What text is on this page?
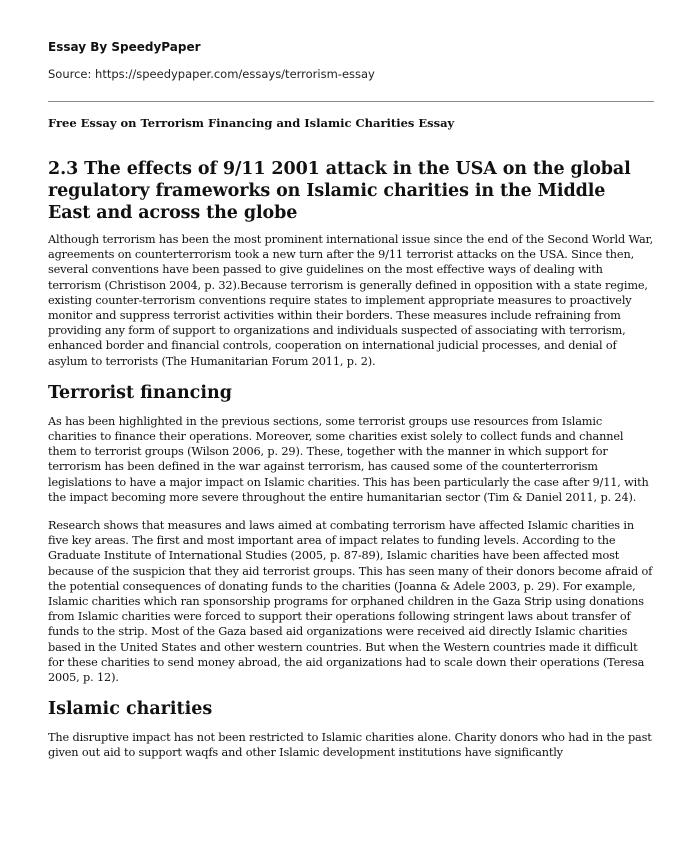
Essay By SpeedyPaper
Source: https://speedypaper.com/essays/terrorism-essay
Free Essay on Terrorism Financing and Islamic Charities Essay
2.3 The effects of 9/11 2001 attack in the USA on the global regulatory frameworks on Islamic charities in the Middle East and across the globe

Although terrorism has been the most prominent international issue since the end of the Second World War, agreements on counterterrorism took a new turn after the 9/11 terrorist attacks on the USA. Since then, several conventions have been passed to give guidelines on the most effective ways of dealing with terrorism (Christison 2004, p. 32).Because terrorism is generally defined in opposition with a state regime, existing counter-terrorism conventions require states to implement appropriate measures to proactively monitor and suppress terrorist activities within their borders. These measures include refraining from providing any form of support to organizations and individuals suspected of associating with terrorism, enhanced border and financial controls, cooperation on international judicial processes, and denial of asylum to terrorists (The Humanitarian Forum 2011, p. 2).

Terrorist financing

As has been highlighted in the previous sections, some terrorist groups use resources from Islamic charities to finance their operations. Moreover, some charities exist solely to collect funds and channel them to terrorist groups (Wilson 2006, p. 29). These, together with the manner in which support for terrorism has been defined in the war against terrorism, has caused some of the counterterrorism legislations to have a major impact on Islamic charities. This has been particularly the case after 9/11, with the impact becoming more severe throughout the entire humanitarian sector (Tim & Daniel 2011, p. 24).

Research shows that measures and laws aimed at combating terrorism have affected Islamic charities in five key areas. The first and most important area of impact relates to funding levels. According to the Graduate Institute of International Studies (2005, p. 87-89), Islamic charities have been affected most because of the suspicion that they aid terrorist groups. This has seen many of their donors become afraid of the potential consequences of donating funds to the charities (Joanna & Adele 2003, p. 29). For example, Islamic charities which ran sponsorship programs for orphaned children in the Gaza Strip using donations from Islamic charities were forced to support their operations following stringent laws about transfer of funds to the strip. Most of the Gaza based aid organizations were received aid directly Islamic charities based in the United States and other western countries. But when the Western countries made it difficult for these charities to send money abroad, the aid organizations had to scale down their operations (Teresa 2005, p. 12).

Islamic charities

The disruptive impact has not been restricted to Islamic charities alone. Charity donors who had in the past given out aid to support waqfs and other Islamic development institutions have significantly
